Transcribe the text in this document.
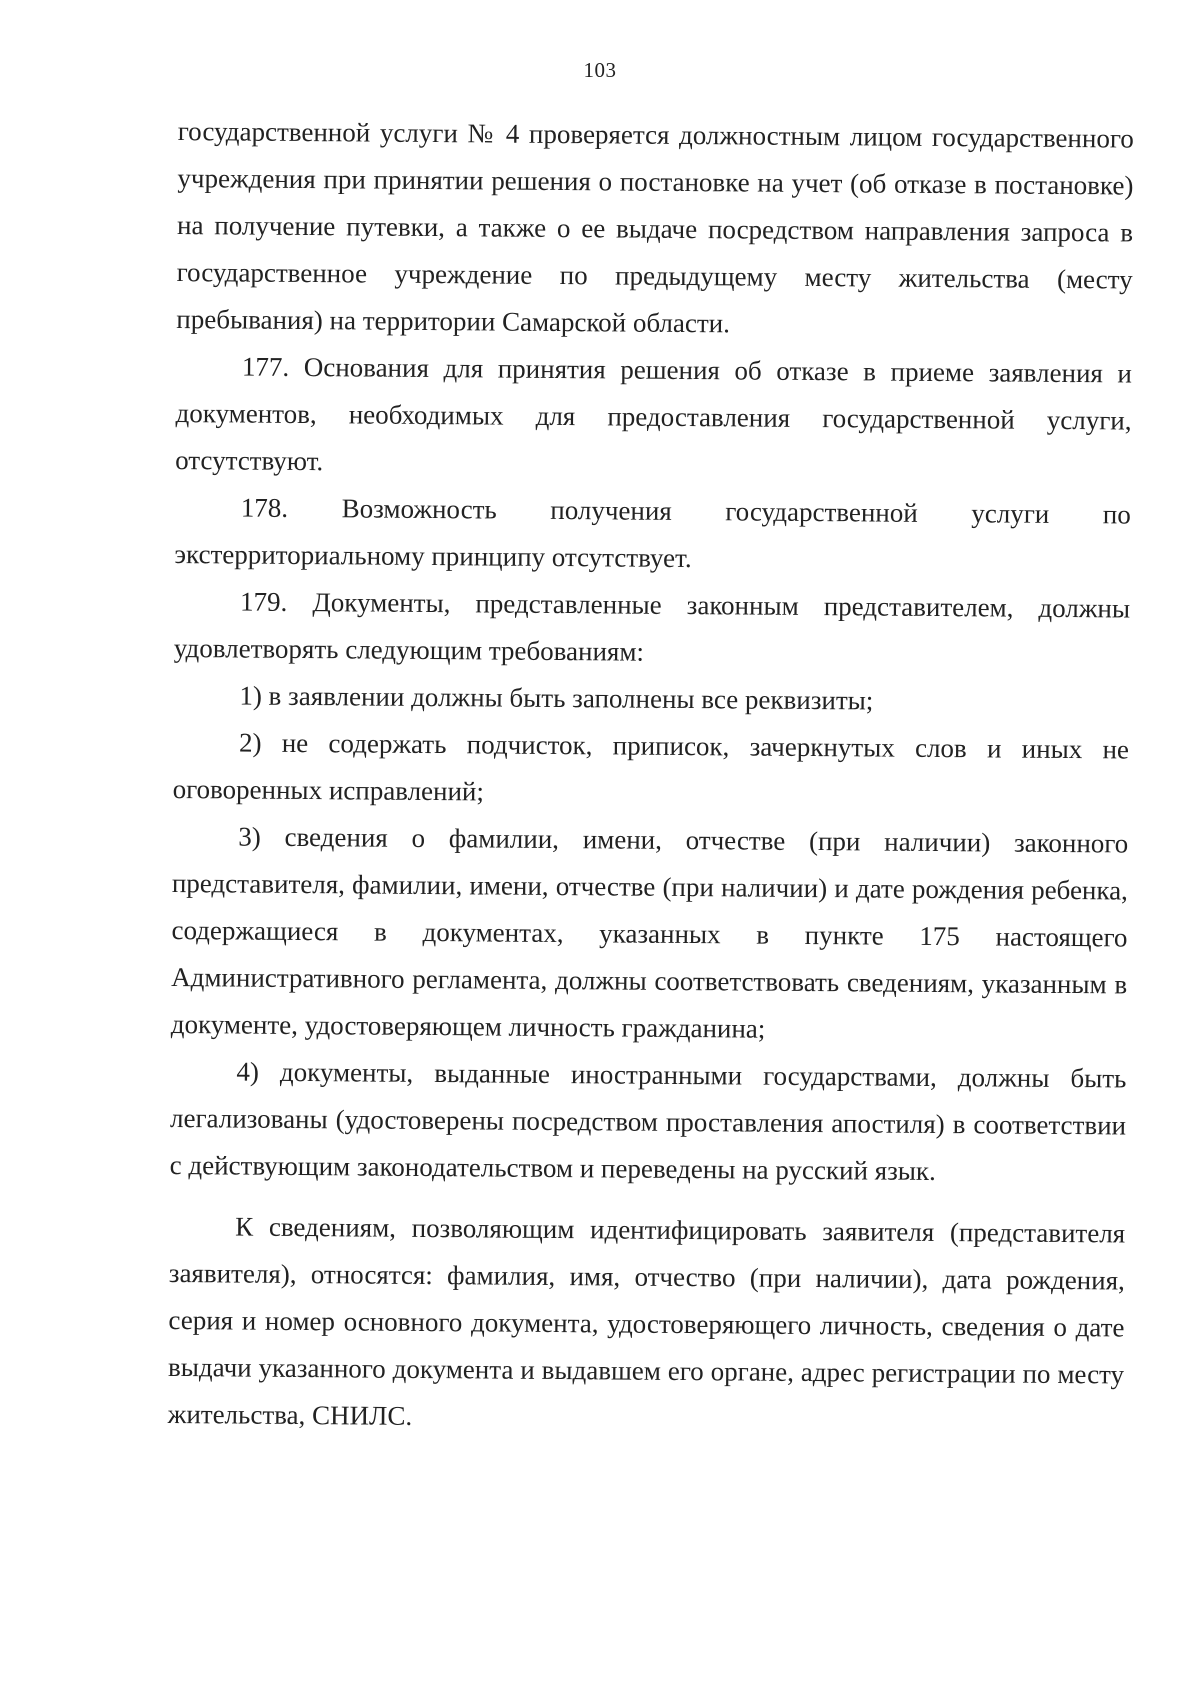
103

государственной услуги № 4 проверяется должностным лицом государственного учреждения при принятии решения о постановке на учет (об отказе в постановке) на получение путевки, а также о ее выдаче посредством направления запроса в государственное учреждение по предыдущему месту жительства (месту пребывания) на территории Самарской области.

177. Основания для принятия решения об отказе в приеме заявления и документов, необходимых для предоставления государственной услуги, отсутствуют.

178. Возможность получения государственной услуги по экстерриториальному принципу отсутствует.

179. Документы, представленные законным представителем, должны удовлетворять следующим требованиям:

1) в заявлении должны быть заполнены все реквизиты;

2) не содержать подчисток, приписок, зачеркнутых слов и иных не оговоренных исправлений;

3) сведения о фамилии, имени, отчестве (при наличии) законного представителя, фамилии, имени, отчестве (при наличии) и дате рождения ребенка, содержащиеся в документах, указанных в пункте 175 настоящего Административного регламента, должны соответствовать сведениям, указанным в документе, удостоверяющем личность гражданина;

4) документы, выданные иностранными государствами, должны быть легализованы (удостоверены посредством проставления апостиля) в соответствии с действующим законодательством и переведены на русский язык.

К сведениям, позволяющим идентифицировать заявителя (представителя заявителя), относятся: фамилия, имя, отчество (при наличии), дата рождения, серия и номер основного документа, удостоверяющего личность, сведения о дате выдачи указанного документа и выдавшем его органе, адрес регистрации по месту жительства, СНИЛС.
